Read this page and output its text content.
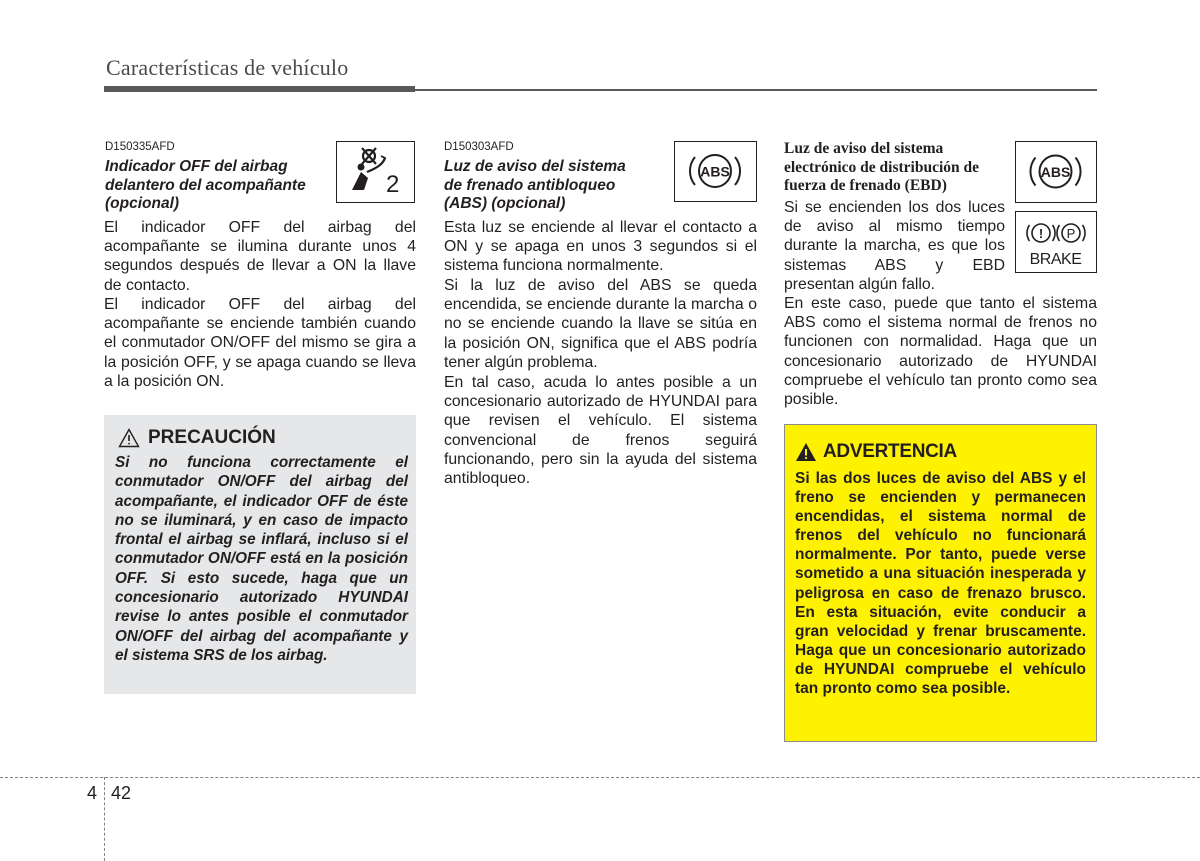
Características de vehículo
D150335AFD
Indicador OFF del airbag
delantero del acompañante
(opcional)
2

El indicador OFF del airbag del acompañante se ilumina durante unos 4 segundos después de llevar a ON la llave de contacto.

El indicador OFF del airbag del acompañante se enciende también cuando el conmutador ON/OFF del mismo se gira a la posición OFF, y se apaga cuando se lleva a la posición ON.

PRECAUCIÓN

Si no funciona correctamente el conmutador ON/OFF del airbag del acompañante, el indicador OFF de éste no se iluminará, y en caso de impacto frontal el airbag se inflará, incluso si el conmutador ON/OFF está en la posición OFF. Si esto sucede, haga que un concesionario autorizado HYUNDAI revise lo antes posible el conmutador ON/OFF del airbag del acompañante y el sistema SRS de los airbag.

D150303AFD
Luz de aviso del sistema
de frenado antibloqueo
(ABS) (opcional)
ABS

Esta luz se enciende al llevar el contacto a ON y se apaga en unos 3 segundos si el sistema funciona normalmente.

Si la luz de aviso del ABS se queda encendida, se enciende durante la marcha o no se enciende cuando la llave se sitúa en la posición ON, significa que el ABS podría tener algún problema.

En tal caso, acuda lo antes posible a un concesionario autorizado de HYUNDAI para que revisen el vehículo. El sistema convencional de frenos seguirá funcionando, pero sin la ayuda del sistema antibloqueo.

Luz de aviso del sistema
electrónico de distribución de
fuerza de frenado (EBD)
ABS
! P
BRAKE

Si se encienden los dos luces de aviso al mismo tiempo durante la marcha, es que los sistemas ABS y EBD presentan algún fallo.

En este caso, puede que tanto el sistema ABS como el sistema normal de frenos no funcionen con normalidad. Haga que un concesionario autorizado de HYUNDAI compruebe el vehículo tan pronto como sea posible.

ADVERTENCIA

Si las dos luces de aviso del ABS y el freno se encienden y permanecen encendidas, el sistema normal de frenos del vehículo no funcionará normalmente. Por tanto, puede verse sometido a una situación inesperada y peligrosa en caso de frenazo brusco. En esta situación, evite conducir a gran velocidad y frenar bruscamente. Haga que un concesionario autorizado de HYUNDAI compruebe el vehículo tan pronto como sea posible.

4 42
